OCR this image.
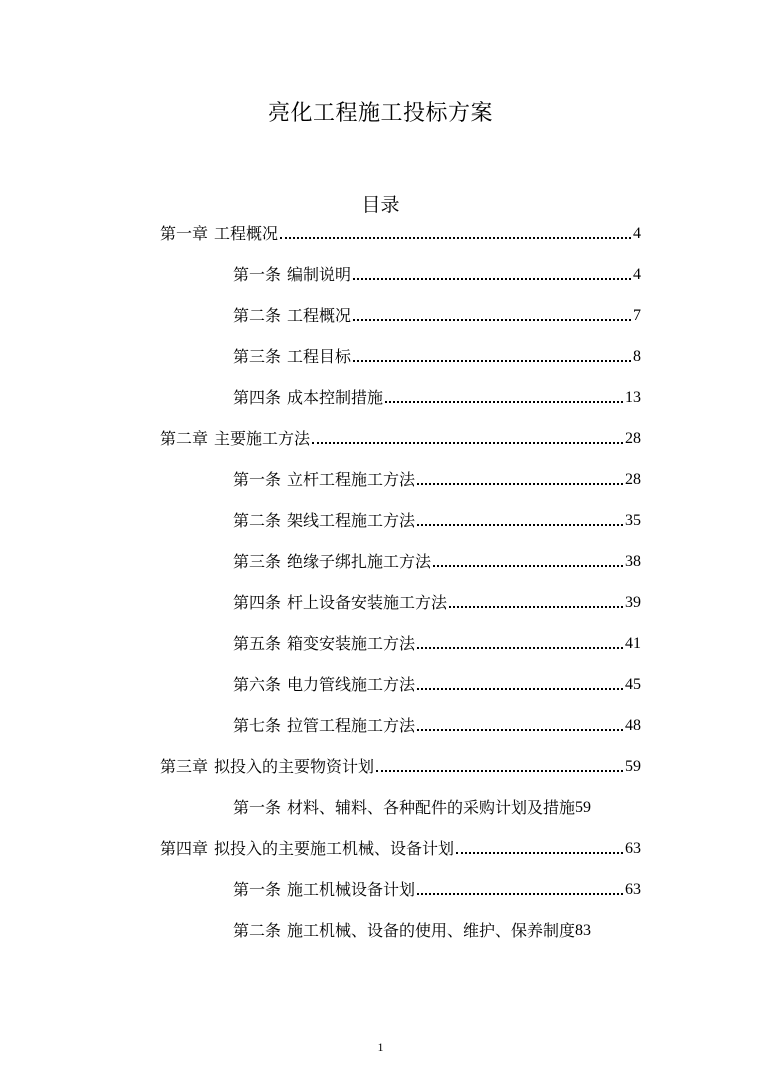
亮化工程施工投标方案
目录
第一章 工程概况	4
第一条 编制说明	4
第二条 工程概况	7
第三条 工程目标	8
第四条 成本控制措施	13
第二章 主要施工方法	28
第一条 立杆工程施工方法	28
第二条 架线工程施工方法	35
第三条 绝缘子绑扎施工方法	38
第四条 杆上设备安装施工方法	39
第五条 箱变安装施工方法	41
第六条 电力管线施工方法	45
第七条 拉管工程施工方法	48
第三章 拟投入的主要物资计划	59
第一条 材料、辅料、各种配件的采购计划及措施 59
第四章 拟投入的主要施工机械、设备计划	63
第一条 施工机械设备计划	63
第二条 施工机械、设备的使用、维护、保养制度 83
1
